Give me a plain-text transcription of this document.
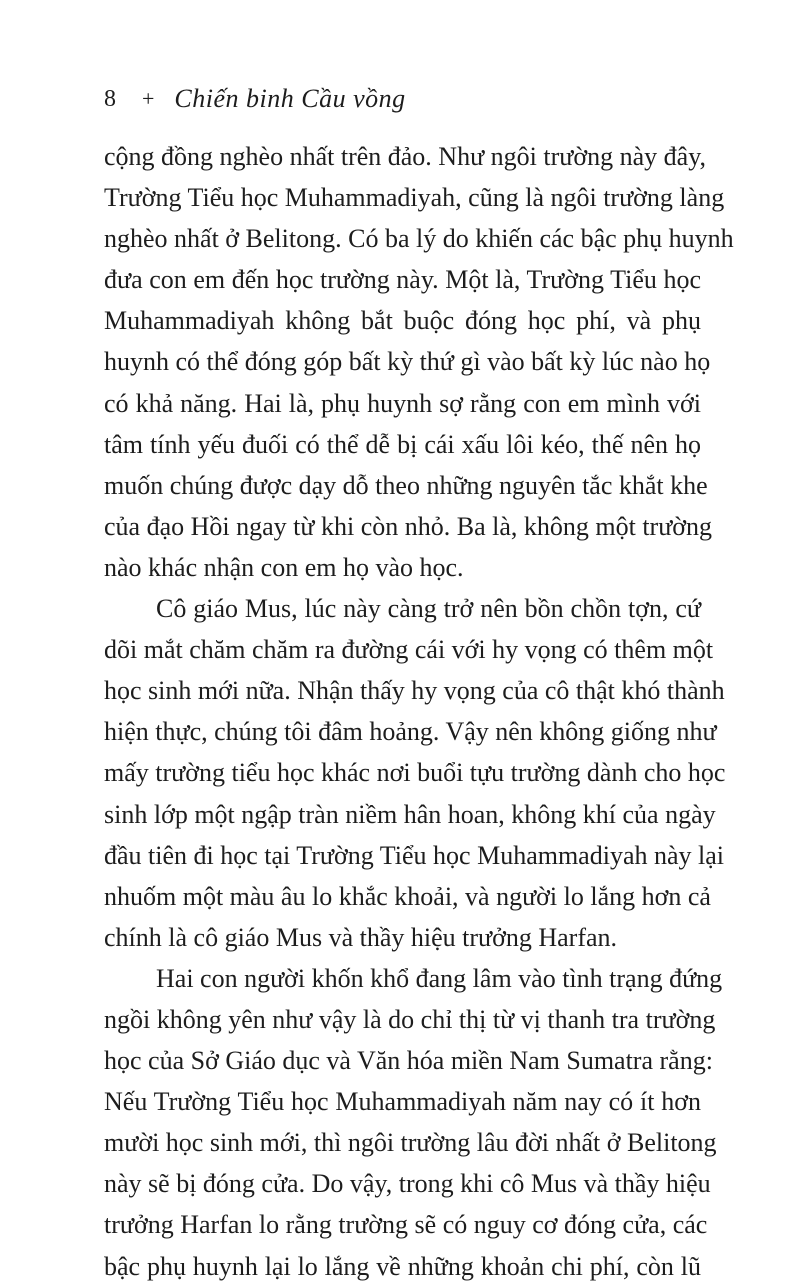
8 + Chiến binh Cầu vồng
cộng đồng nghèo nhất trên đảo. Như ngôi trường này đây,
Trường Tiểu học Muhammadiyah, cũng là ngôi trường làng
nghèo nhất ở Belitong. Có ba lý do khiến các bậc phụ huynh
đưa con em đến học trường này. Một là, Trường Tiểu học
Muhammadiyah không bắt buộc đóng học phí, và phụ
huynh có thể đóng góp bất kỳ thứ gì vào bất kỳ lúc nào họ
có khả năng. Hai là, phụ huynh sợ rằng con em mình với
tâm tính yếu đuối có thể dễ bị cái xấu lôi kéo, thế nên họ
muốn chúng được dạy dỗ theo những nguyên tắc khắt khe
của đạo Hồi ngay từ khi còn nhỏ. Ba là, không một trường
nào khác nhận con em họ vào học.
Cô giáo Mus, lúc này càng trở nên bồn chồn tợn, cứ
dõi mắt chăm chăm ra đường cái với hy vọng có thêm một
học sinh mới nữa. Nhận thấy hy vọng của cô thật khó thành
hiện thực, chúng tôi đâm hoảng. Vậy nên không giống như
mấy trường tiểu học khác nơi buổi tựu trường dành cho học
sinh lớp một ngập tràn niềm hân hoan, không khí của ngày
đầu tiên đi học tại Trường Tiểu học Muhammadiyah này lại
nhuốm một màu âu lo khắc khoải, và người lo lắng hơn cả
chính là cô giáo Mus và thầy hiệu trưởng Harfan.
Hai con người khốn khổ đang lâm vào tình trạng đứng
ngồi không yên như vậy là do chỉ thị từ vị thanh tra trường
học của Sở Giáo dục và Văn hóa miền Nam Sumatra rằng:
Nếu Trường Tiểu học Muhammadiyah năm nay có ít hơn
mười học sinh mới, thì ngôi trường lâu đời nhất ở Belitong
này sẽ bị đóng cửa. Do vậy, trong khi cô Mus và thầy hiệu
trưởng Harfan lo rằng trường sẽ có nguy cơ đóng cửa, các
bậc phụ huynh lại lo lắng về những khoản chi phí, còn lũ
